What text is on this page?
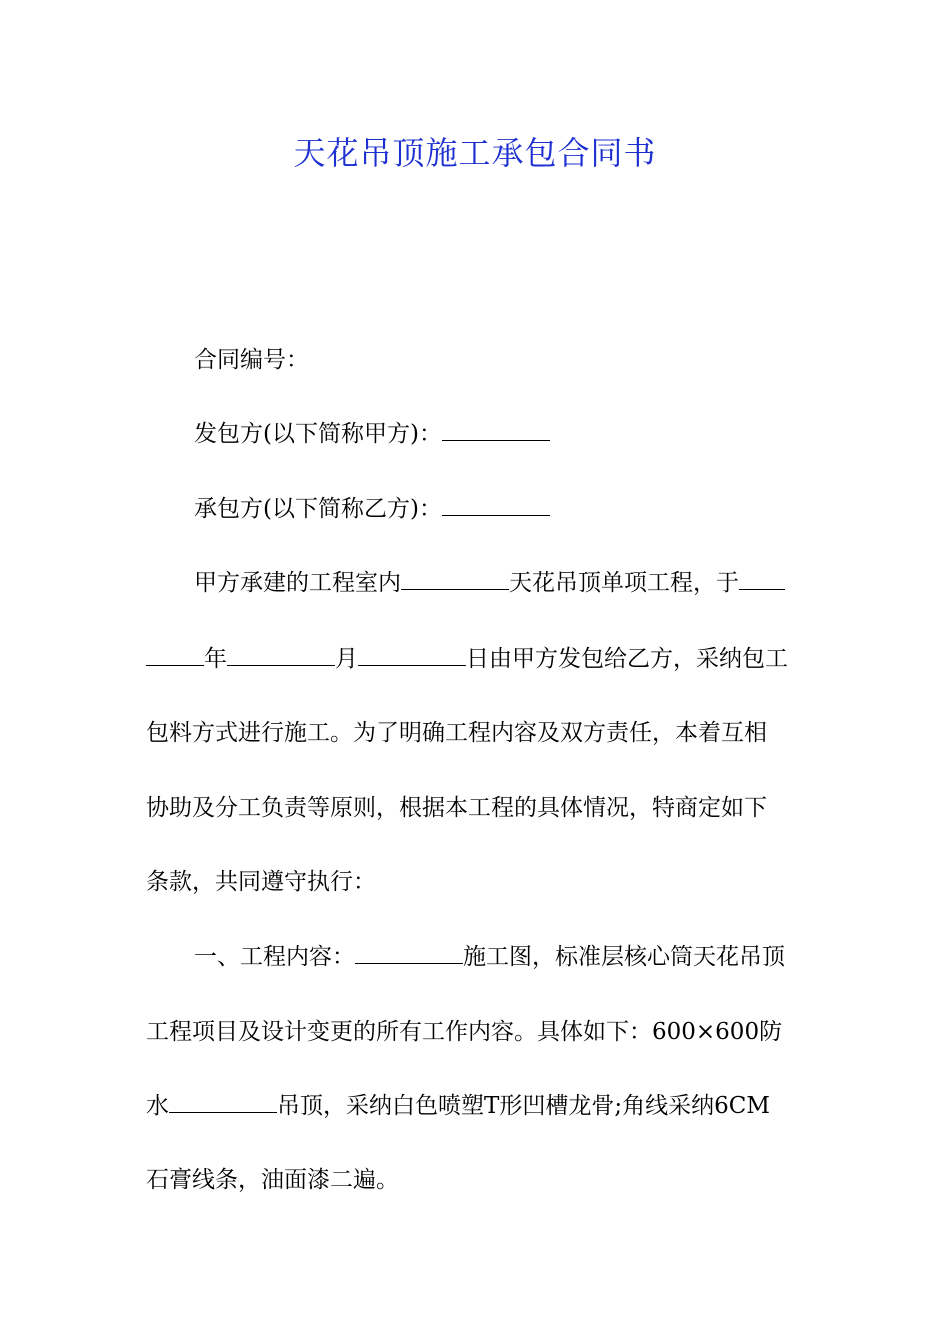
天花吊顶施工承包合同书
合同编号：
发包方(以下简称甲方)：
承包方(以下简称乙方)：
甲方承建的工程室内	天花吊顶单项工程，于
年	月	日由甲方发包给乙方，采纳包工
包料方式进行施工。为了明确工程内容及双方责任，本着互相
协助及分工负责等原则，根据本工程的具体情况，特商定如下
条款，共同遵守执行：
一、工程内容：	施工图，标准层核心筒天花吊顶
工程项目及设计变更的所有工作内容。具体如下：600×600防
水	吊顶，采纳白色喷塑T形凹槽龙骨;角线采纳6CM
石膏线条，油面漆二遍。
